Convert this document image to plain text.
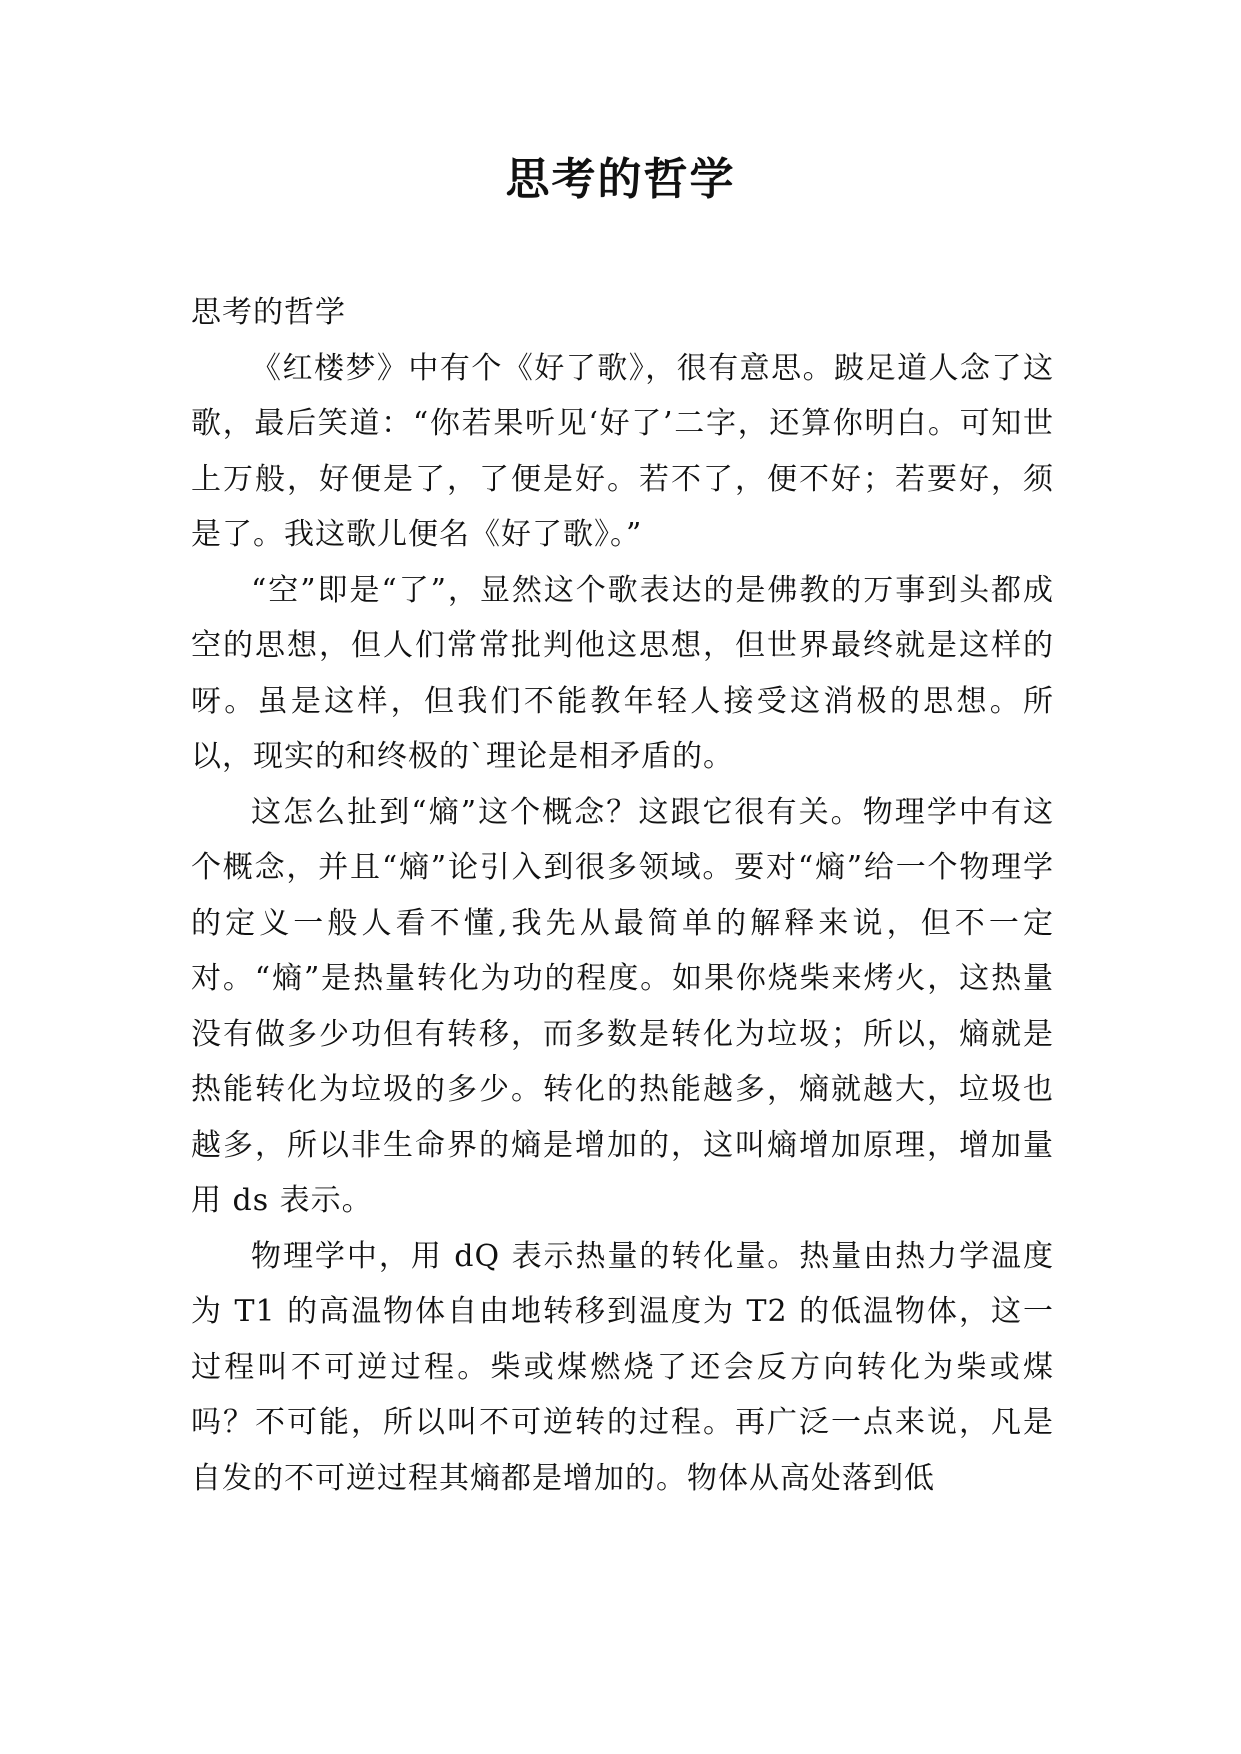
思考的哲学

思考的哲学

《红楼梦》中有个《好了歌》，很有意思。跛足道人念了这歌，最后笑道：“你若果听见‘好了’二字，还算你明白。可知世上万般，好便是了，了便是好。若不了，便不好；若要好，须是了。我这歌儿便名《好了歌》。”

“空”即是“了”，显然这个歌表达的是佛教的万事到头都成空的思想，但人们常常批判他这思想，但世界最终就是这样的呀。虽是这样，但我们不能教年轻人接受这消极的思想。所以，现实的和终极的`理论是相矛盾的。

这怎么扯到“熵”这个概念？这跟它很有关。物理学中有这个概念，并且“熵”论引入到很多领域。要对“熵”给一个物理学的定义一般人看不懂,我先从最简单的解释来说，但不一定对。“熵”是热量转化为功的程度。如果你烧柴来烤火，这热量没有做多少功但有转移，而多数是转化为垃圾；所以，熵就是热能转化为垃圾的多少。转化的热能越多，熵就越大，垃圾也越多，所以非生命界的熵是增加的，这叫熵增加原理，增加量用 ds 表示。

物理学中，用 dQ 表示热量的转化量。热量由热力学温度为 T1 的高温物体自由地转移到温度为 T2 的低温物体，这一过程叫不可逆过程。柴或煤燃烧了还会反方向转化为柴或煤吗？不可能，所以叫不可逆转的过程。再广泛一点来说，凡是自发的不可逆过程其熵都是增加的。物体从高处落到低
